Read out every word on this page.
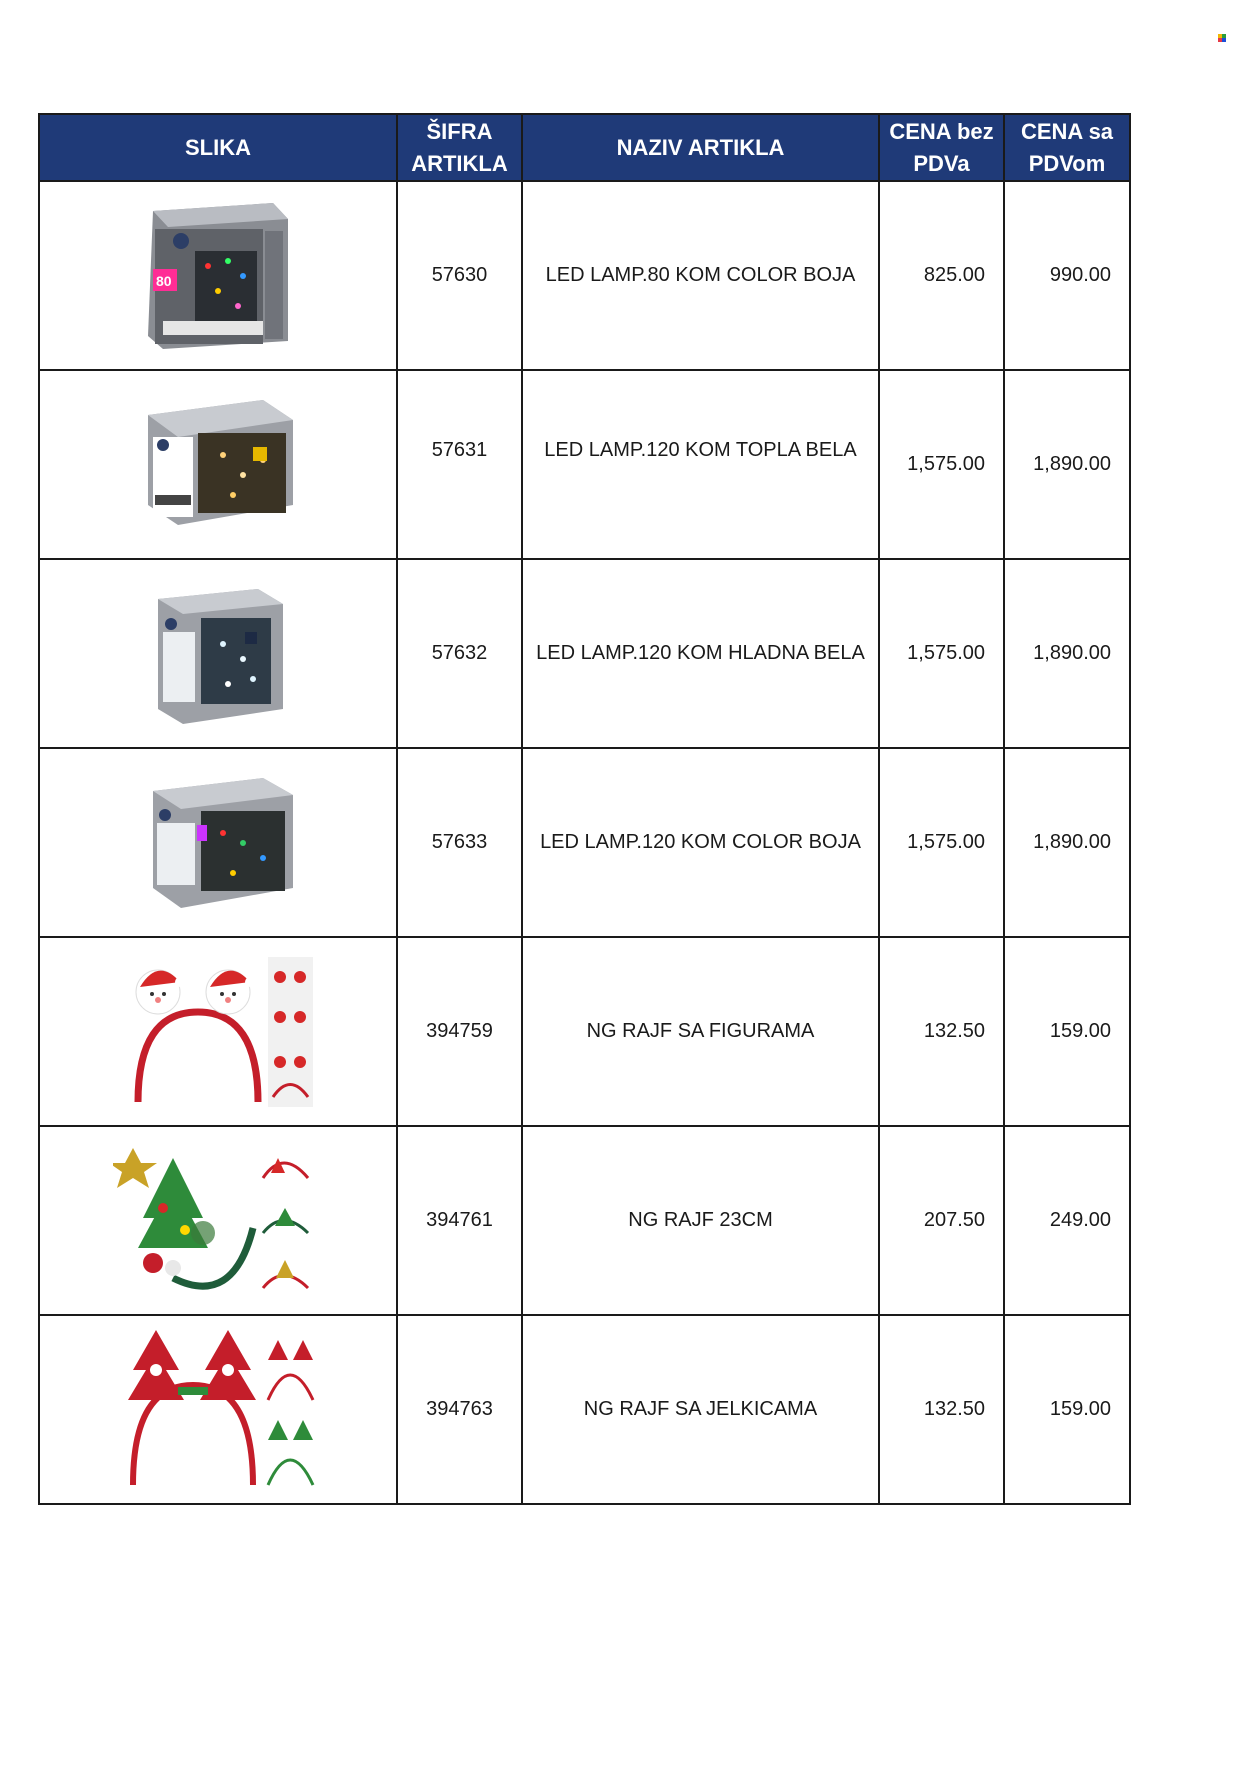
SLIKA	ŠIFRA ARTIKLA	NAZIV ARTIKLA	CENA bez PDVa	CENA sa PDVom

80	57630	LED LAMP.80 KOM COLOR BOJA	825.00	990.00

	57631	LED LAMP.120 KOM TOPLA BELA	1,575.00	1,890.00

	57632	LED LAMP.120 KOM HLADNA BELA	1,575.00	1,890.00

	57633	LED LAMP.120 KOM COLOR BOJA	1,575.00	1,890.00

	394759	NG RAJF SA FIGURAMA	132.50	159.00

	394761	NG RAJF 23CM	207.50	249.00

	394763	NG RAJF SA JELKICAMA	132.50	159.00
